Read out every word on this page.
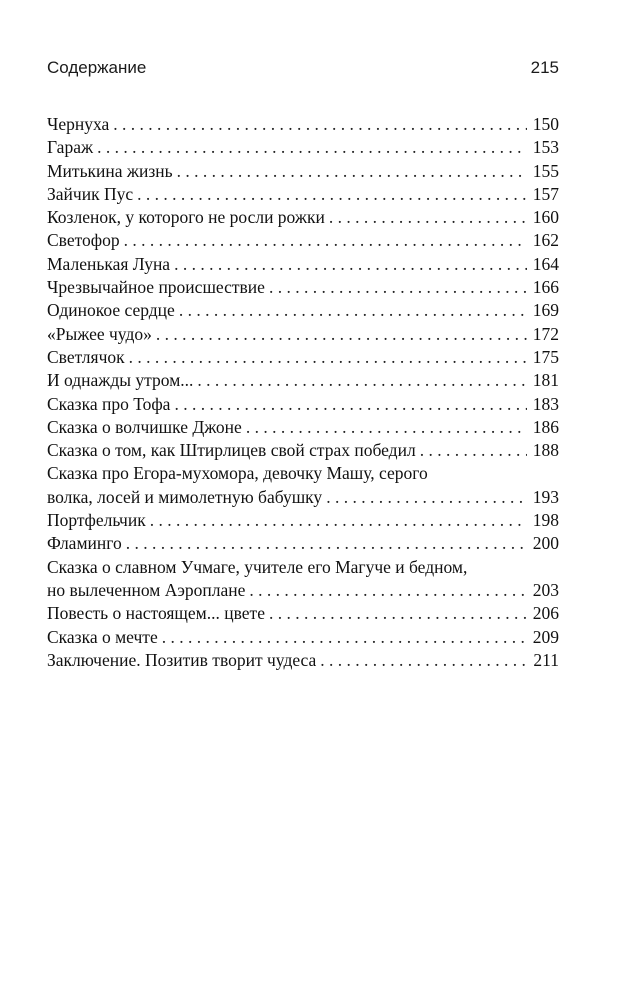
Содержание	215
Чернуха . . .	150
Гараж . . .	153
Митькина жизнь . . .	155
Зайчик Пус . . .	157
Козленок, у которого не росли рожки . . .	160
Светофор . . .	162
Маленькая Луна . . .	164
Чрезвычайное происшествие . . .	166
Одинокое сердце . . .	169
«Рыжее чудо» . . .	172
Светлячок . . .	175
И однажды утром... . . .	181
Сказка про Тофа . . .	183
Сказка о волчишке Джоне . . .	186
Сказка о том, как Штирлицев свой страх победил . . .	188
Сказка про Егора-мухомора, девочку Машу, серого
волка, лосей и мимолетную бабушку . . .	193
Портфельчик . . .	198
Фламинго . . .	200
Сказка о славном Учмаге, учителе его Магуче и бедном,
но вылеченном Аэроплане . . .	203
Повесть о настоящем... цвете . . .	206
Сказка о мечте . . .	209
Заключение. Позитив творит чудеса . . .	211
